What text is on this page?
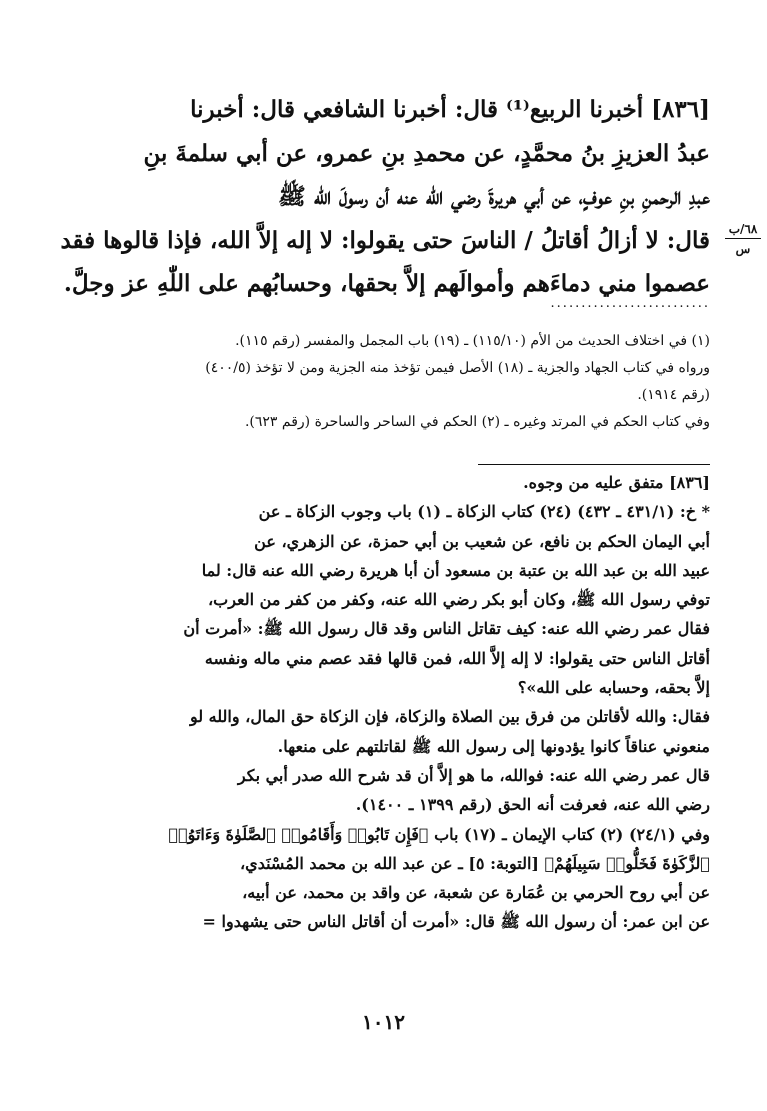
[٨٣٦] أخبرنا الربيع⁽¹⁾ قال: أخبرنا الشافعي قال: أخبرنا

عبدُ العزيزِ بنُ محمَّدٍ، عن محمدِ بنِ عمرو، عن أبي سلمةَ بنِ

عبدِ الرحمنِ بنِ عوفٍ، عن أبي هريرةَ رضي الله عنه أن رسولَ اللّٰه ﷺ

قال: لا أزالُ أقاتلُ / الناسَ حتى يقولوا: لا إله إلاَّ الله، فإذا قالوها فقد

عصموا مني دماءَهم وأموالَهم إلاَّ بحقها، وحسابُهم على اللّٰهِ عز وجلَّ.

٦٨/ب
س
..........................

(١) في اختلاف الحديث من الأم (١١٥/١٠) ـ (١٩) باب المجمل والمفسر (رقم ١١٥).

ورواه في كتاب الجهاد والجزية ـ (١٨) الأصل فيمن تؤخذ منه الجزية ومن لا تؤخذ (٤٠٠/٥)

(رقم ١٩١٤).

وفي كتاب الحكم في المرتد وغيره ـ (٢) الحكم في الساحر والساحرة (رقم ٦٢٣).

[٨٣٦] متفق عليه من وجوه.

* خ: (٤٣١/١ ـ ٤٣٢) (٢٤) كتاب الزكاة ـ (١) باب وجوب الزكاة ـ عن

أبي اليمان الحكم بن نافع، عن شعيب بن أبي حمزة، عن الزهري، عن

عبيد الله بن عبد الله بن عتبة بن مسعود أن أبا هريرة رضي الله عنه قال: لما

توفي رسول الله ﷺ، وكان أبو بكر رضي الله عنه، وكفر من كفر من العرب،

فقال عمر رضي الله عنه: كيف تقاتل الناس وقد قال رسول الله ﷺ: «أمرت أن

أقاتل الناس حتى يقولوا: لا إله إلاَّ الله، فمن قالها فقد عصم مني ماله ونفسه

إلاَّ بحقه، وحسابه على الله»؟

فقال: والله لأقاتلن من فرق بين الصلاة والزكاة، فإن الزكاة حق المال، والله لو

منعوني عناقاً كانوا يؤدونها إلى رسول الله ﷺ لقاتلتهم على منعها.

قال عمر رضي الله عنه: فوالله، ما هو إلاَّ أن قد شرح الله صدر أبي بكر

رضي الله عنه، فعرفت أنه الحق (رقم ١٣٩٩ ـ ١٤٠٠).

وفي (٢٤/١) (٢) كتاب الإيمان ـ (١٧) باب ﴿فَإِن تَابُوا۟ وَأَقَامُوا۟ ٱلصَّلَوٰةَ وَءَاتَوُا۟

ٱلزَّكَوٰةَ فَخَلُّوا۟ سَبِيلَهُمْ﴾ [التوبة: ٥] ـ عن عبد الله بن محمد المُسْنَدي،

عن أبي روح الحرمي بن عُمَارة عن شعبة، عن واقد بن محمد، عن أبيه،

عن ابن عمر: أن رسول الله ﷺ قال: «أمرت أن أقاتل الناس حتى يشهدوا =

١٠١٢
